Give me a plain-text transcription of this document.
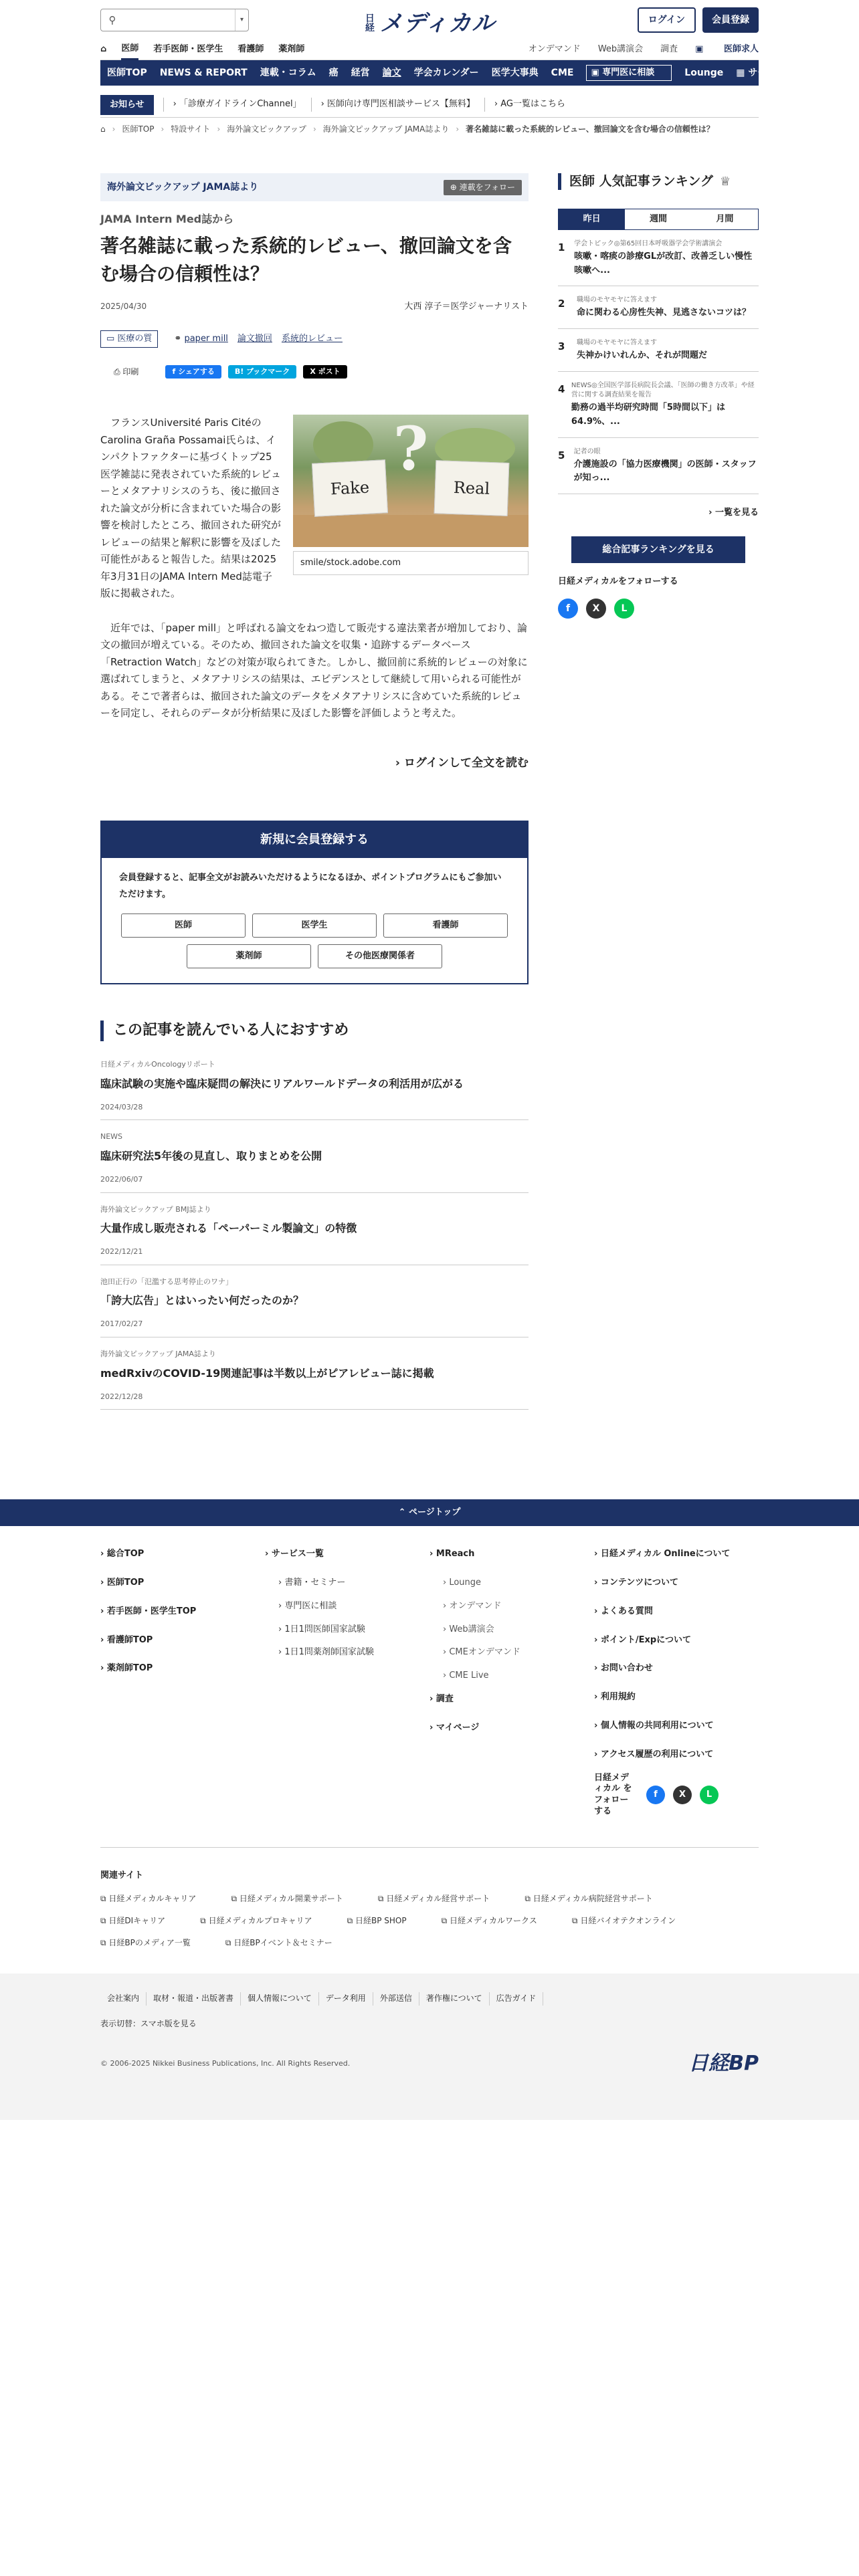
⚲	▾	日経 メディカル	ログイン	会員登録
⌂ 医師 若手医師・医学生 看護師 薬剤師	オンデマンド Web講演会 調査 ▣ 医師求人
医師TOP NEWS & REPORT 連載・コラム 癌 経営 論文 学会カレンダー 医学大事典 CME	▣ 専門医に相談	Lounge ▦ サービス
お知らせ	› 「診療ガイドラインChannel」	› 医師向け専門医相談サービス【無料】	› AG一覧はこちら
⌂ › 医師TOP › 特設サイト › 海外論文ピックアップ › 海外論文ピックアップ JAMA誌より › 著名雑誌に載った系統的レビュー、撤回論文を含む場合の信頼性は？
海外論文ピックアップ JAMA誌より	⊕ 連載をフォロー
JAMA Intern Med誌から
著名雑誌に載った系統的レビュー、撤回論文を含む場合の信頼性は？
2025/04/30	大西 淳子＝医学ジャーナリスト
▭ 医療の質	⚭ paper mill 論文撤回 系統的レビュー
⎙ 印刷	f シェアする	B! ブックマーク	X ポスト
?
Fake	Real
smile/stock.adobe.com

フランスUniversité Paris CitéのCarolina Graña Possamai氏らは、インパクトファクターに基づくトップ25医学雑誌に発表されていた系統的レビューとメタアナリシスのうち、後に撤回された論文が分析に含まれていた場合の影響を検討したところ、撤回された研究がレビューの結果と解釈に影響を及ぼした可能性があると報告した。結果は2025年3月31日のJAMA Intern Med誌電子版に掲載された。

近年では、「paper mill」と呼ばれる論文をねつ造して販売する違法業者が増加しており、論文の撤回が増えている。そのため、撤回された論文を収集・追跡するデータベース「Retraction Watch」などの対策が取られてきた。しかし、撤回前に系統的レビューの対象に選ばれてしまうと、メタアナリシスの結果は、エビデンスとして継続して用いられる可能性がある。そこで著者らは、撤回された論文のデータをメタアナリシスに含めていた系統的レビューを同定し、それらのデータが分析結果に及ぼした影響を評価しようと考えた。

› ログインして全文を読む
新規に会員登録する
会員登録すると、記事全文がお読みいただけるようになるほか、ポイントプログラムにもご参加いただけます。
医師	医学生	看護師
薬剤師	その他医療関係者
この記事を読んでいる人におすすめ
日経メディカルOncologyリポート
臨床試験の実施や臨床疑問の解決にリアルワールドデータの利活用が広がる
2024/03/28
NEWS
臨床研究法5年後の見直し、取りまとめを公開
2022/06/07
海外論文ピックアップ BMJ誌より
大量作成し販売される「ペーパーミル製論文」の特徴
2022/12/21
池田正行の「氾濫する思考停止のワナ」
「誇大広告」とはいったい何だったのか？
2017/02/27
海外論文ピックアップ JAMA誌より
medRxivのCOVID-19関連記事は半数以上がピアレビュー誌に掲載
2022/12/28
医師 人気記事ランキング ♕
昨日	週間	月間
1	学会トピック◎第65回日本呼吸器学会学術講演会
咳嗽・喀痰の診療GLが改訂、改善乏しい慢性咳嗽へ...
2	職場のモヤモヤに答えます
命に関わる心房性失神、見逃さないコツは？
3	職場のモヤモヤに答えます
失神かけいれんか、それが問題だ
4 NEWS◎全国医学部長病院長会議、「医師の働き方改革」や経営に関する調査結果を報告
勤務の過半均研究時間「5時間以下」は64.9%、...
5	記者の眼
介護施設の「協力医療機関」の医師・スタッフが知っ...
› 一覧を見る
総合記事ランキングを見る
日経メディカルをフォローする
f	X	L
⌃ ページトップ
› 総合TOP
› 医師TOP
› 若手医師・医学生TOP
› 看護師TOP
› 薬剤師TOP
› サービス一覧
› 書籍・セミナー
› 専門医に相談
› 1日1問医師国家試験
› 1日1問薬剤師国家試験
› MReach
› Lounge
› オンデマンド
› Web講演会
› CMEオンデマンド
› CME Live
› 調査
› マイページ
› 日経メディカル Onlineについて
› コンテンツについて
› よくある質問
› ポイント/Expについて
› お問い合わせ
› 利用規約
› 個人情報の共同利用について
› アクセス履歴の利用について
日経メディカル をフォローする
f	X	L
関連サイト
⧉ 日経メディカルキャリア	⧉ 日経メディカル開業サポート	⧉ 日経メディカル経営サポート	⧉ 日経メディカル病院経営サポート
⧉ 日経DIキャリア	⧉ 日経メディカルプロキャリア	⧉ 日経BP SHOP	⧉ 日経メディカルワークス	⧉ 日経バイオテクオンライン
⧉ 日経BPのメディア一覧	⧉ 日経BPイベント＆セミナー
会社案内	取材・報道・出版著書	個人情報について	データ利用	外部送信	著作権について	広告ガイド
表示切替：スマホ版を見る
© 2006-2025 Nikkei Business Publications, Inc. All Rights Reserved.	日経BP
